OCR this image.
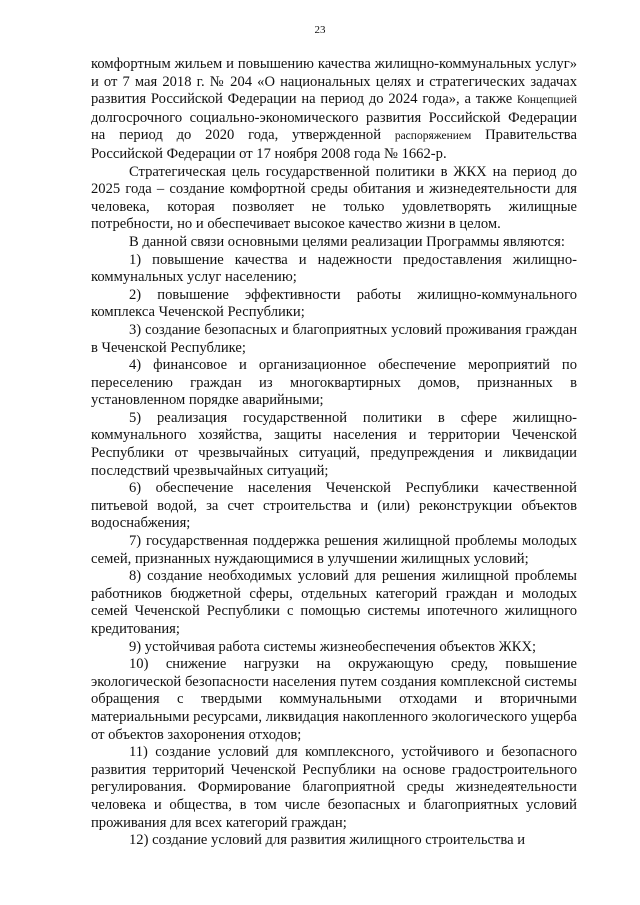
23

комфортным жильем и повышению качества жилищно-коммунальных услуг» и от 7 мая 2018 г. № 204 «О национальных целях и стратегических задачах развития Российской Федерации на период до 2024 года», а также Концепцией долгосрочного социально-экономического развития Российской Федерации на период до 2020 года, утвержденной распоряжением Правительства Российской Федерации от 17 ноября 2008 года № 1662-р.

Стратегическая цель государственной политики в ЖКХ на период до 2025 года – создание комфортной среды обитания и жизнедеятельности для человека, которая позволяет не только удовлетворять жилищные потребности, но и обеспечивает высокое качество жизни в целом.

В данной связи основными целями реализации Программы являются:

1) повышение качества и надежности предоставления жилищно-коммунальных услуг населению;

2) повышение эффективности работы жилищно-коммунального комплекса Чеченской Республики;

3) создание безопасных и благоприятных условий проживания граждан в Чеченской Республике;

4) финансовое и организационное обеспечение мероприятий по переселению граждан из многоквартирных домов, признанных в установленном порядке аварийными;

5) реализация государственной политики в сфере жилищно-коммунального хозяйства, защиты населения и территории Чеченской Республики от чрезвычайных ситуаций, предупреждения и ликвидации последствий чрезвычайных ситуаций;

6) обеспечение населения Чеченской Республики качественной питьевой водой, за счет строительства и (или) реконструкции объектов водоснабжения;

7) государственная поддержка решения жилищной проблемы молодых семей, признанных нуждающимися в улучшении жилищных условий;

8) создание необходимых условий для решения жилищной проблемы работников бюджетной сферы, отдельных категорий граждан и молодых семей Чеченской Республики с помощью системы ипотечного жилищного кредитования;

9) устойчивая работа системы жизнеобеспечения объектов ЖКХ;

10) снижение нагрузки на окружающую среду, повышение экологической безопасности населения путем создания комплексной системы обращения с твердыми коммунальными отходами и вторичными материальными ресурсами, ликвидация накопленного экологического ущерба от объектов захоронения отходов;

11) создание условий для комплексного, устойчивого и безопасного развития территорий Чеченской Республики на основе градостроительного регулирования. Формирование благоприятной среды жизнедеятельности человека и общества, в том числе безопасных и благоприятных условий проживания для всех категорий граждан;

12) создание условий для развития жилищного строительства и
